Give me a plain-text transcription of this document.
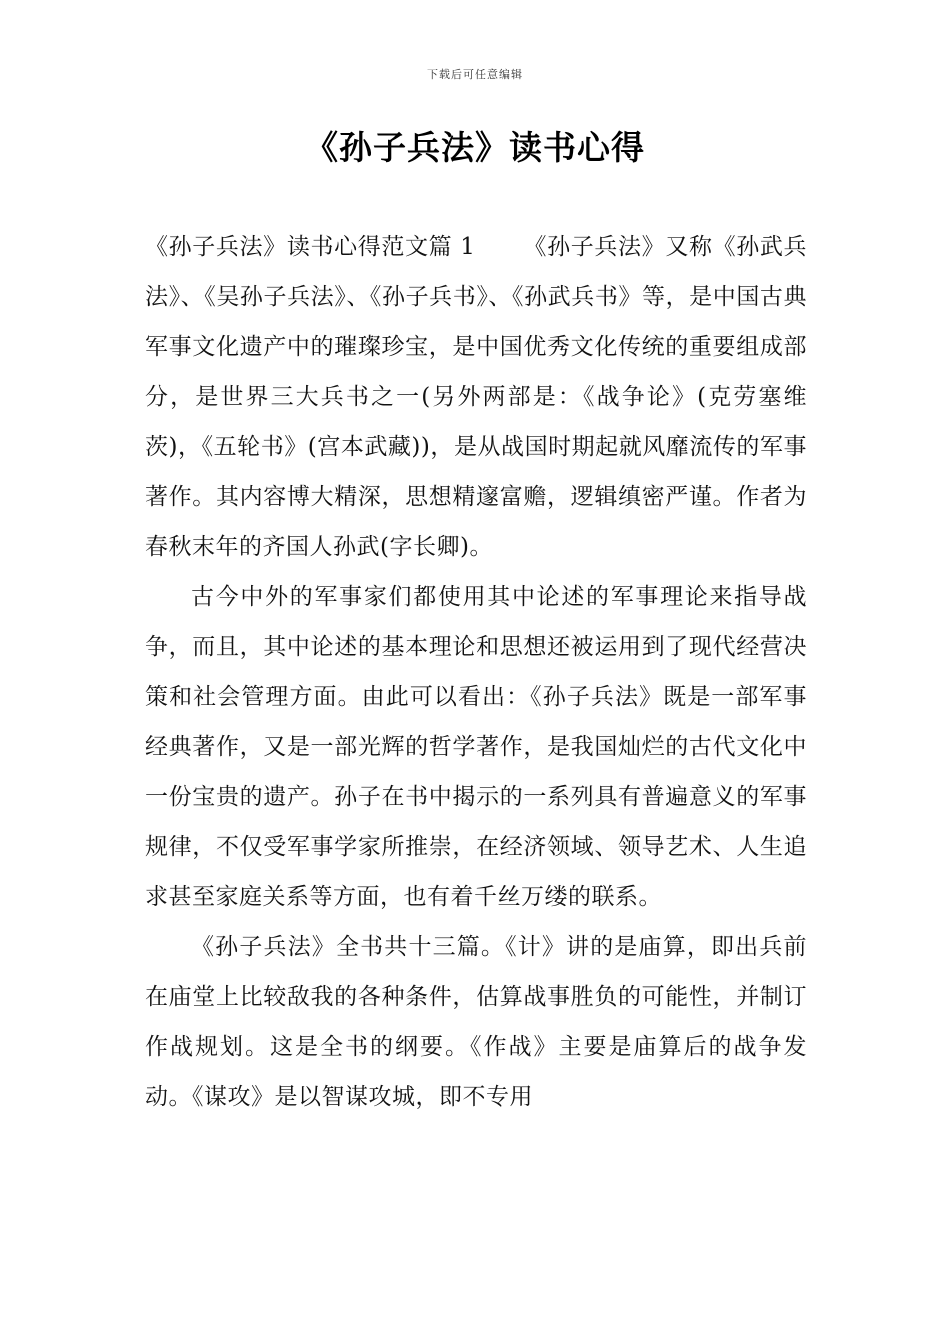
下载后可任意编辑
《孙子兵法》读书心得

《孙子兵法》读书心得范文篇 1 《孙子兵法》又称《孙武兵法》、《吴孙子兵法》、《孙子兵书》、《孙武兵书》等，是中国古典军事文化遗产中的璀璨珍宝，是中国优秀文化传统的重要组成部分，是世界三大兵书之一(另外两部是：《战争论》(克劳塞维茨)，《五轮书》(宫本武藏))，是从战国时期起就风靡流传的军事著作。其内容博大精深，思想精邃富赡，逻辑缜密严谨。作者为春秋末年的齐国人孙武(字长卿)。

古今中外的军事家们都使用其中论述的军事理论来指导战争，而且，其中论述的基本理论和思想还被运用到了现代经营决策和社会管理方面。由此可以看出：《孙子兵法》既是一部军事经典著作，又是一部光辉的哲学著作，是我国灿烂的古代文化中一份宝贵的遗产。孙子在书中揭示的一系列具有普遍意义的军事规律，不仅受军事学家所推崇，在经济领域、领导艺术、人生追求甚至家庭关系等方面，也有着千丝万缕的联系。

《孙子兵法》全书共十三篇。《计》讲的是庙算，即出兵前在庙堂上比较敌我的各种条件，估算战事胜负的可能性，并制订作战规划。这是全书的纲要。《作战》主要是庙算后的战争发动。《谋攻》是以智谋攻城，即不专用
